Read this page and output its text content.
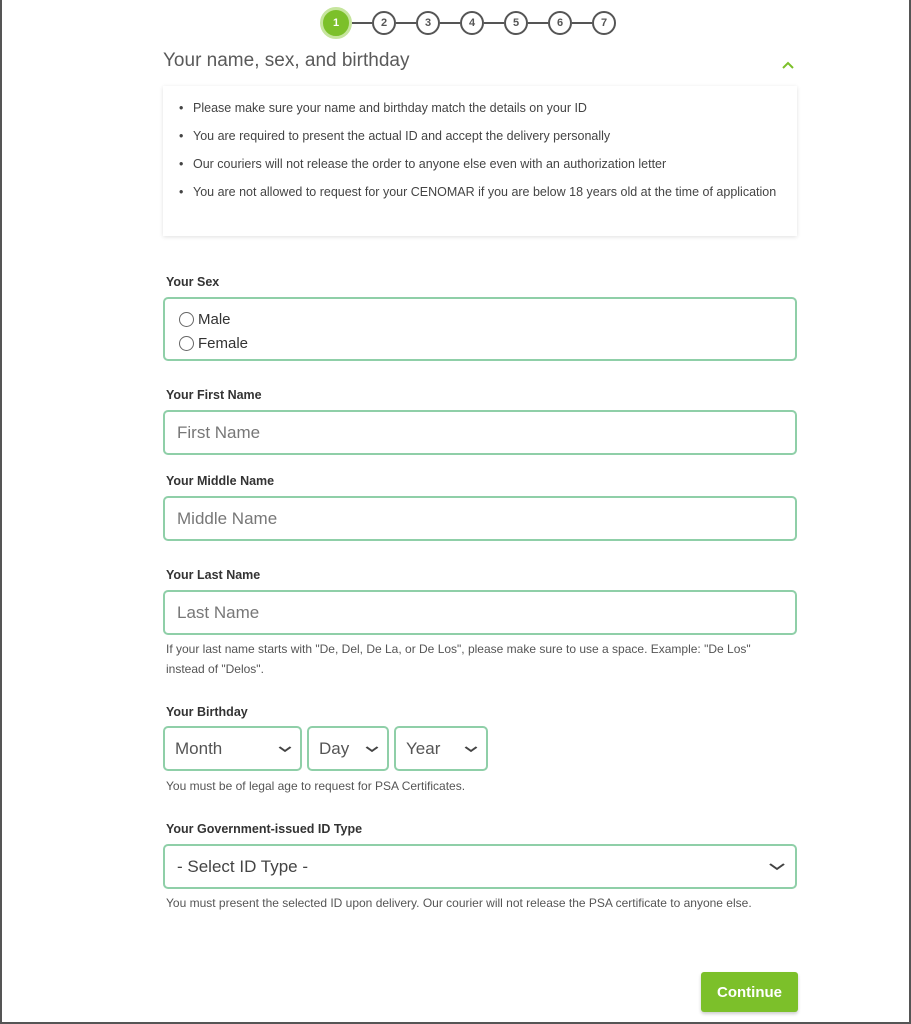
1	2	3	4	5	6	7
Your name, sex, and birthday
• Please make sure your name and birthday match the details on your ID
• You are required to present the actual ID and accept the delivery personally
• Our couriers will not release the order to anyone else even with an authorization letter
• You are not allowed to request for your CENOMAR if you are below 18 years old at the time of application
Your Sex
Male
Female
Your First Name
First Name
Your Middle Name
Middle Name
Your Last Name
Last Name
If your last name starts with "De, Del, De La, or De Los", please make sure to use a space. Example: "De Los" instead of "Delos".
Your Birthday
Month	Day	Year
You must be of legal age to request for PSA Certificates.
Your Government-issued ID Type
- Select ID Type -
You must present the selected ID upon delivery. Our courier will not release the PSA certificate to anyone else.
Continue
